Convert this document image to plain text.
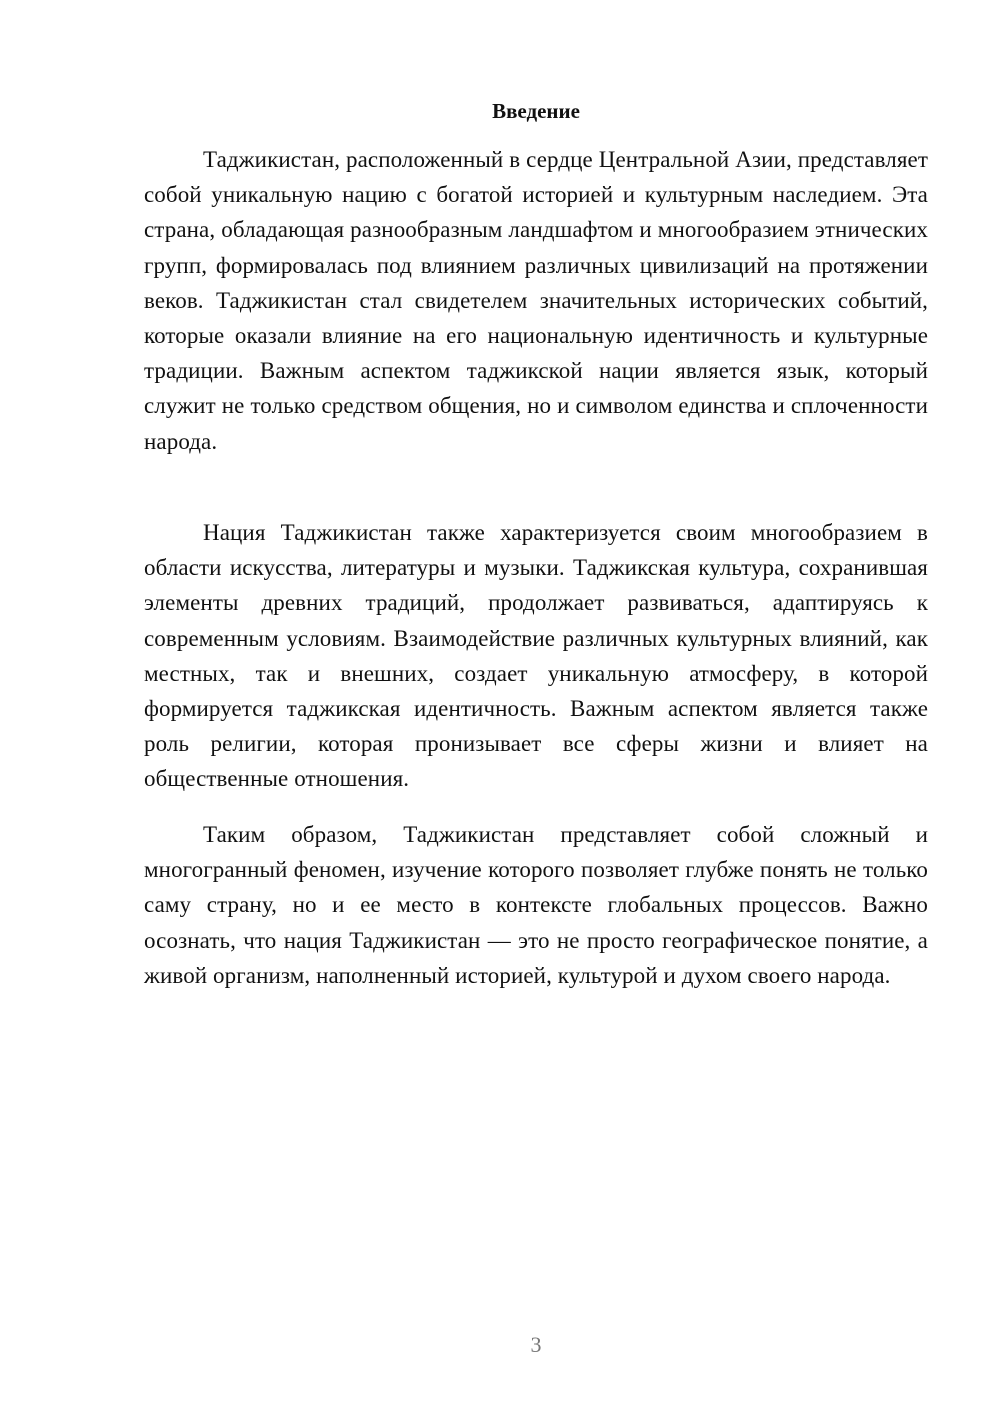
Введение

Таджикистан, расположенный в сердце Центральной Азии, представляет собой уникальную нацию с богатой историей и культурным наследием. Эта страна, обладающая разнообразным ландшафтом и многообразием этнических групп, формировалась под влиянием различных цивилизаций на протяжении веков. Таджикистан стал свидетелем значительных исторических событий, которые оказали влияние на его национальную идентичность и культурные традиции. Важным аспектом таджикской нации является язык, который служит не только средством общения, но и символом единства и сплоченности народа.

Нация Таджикистан также характеризуется своим многообразием в области искусства, литературы и музыки. Таджикская культура, сохранившая элементы древних традиций, продолжает развиваться, адаптируясь к современным условиям. Взаимодействие различных культурных влияний, как местных, так и внешних, создает уникальную атмосферу, в которой формируется таджикская идентичность. Важным аспектом является также роль религии, которая пронизывает все сферы жизни и влияет на общественные отношения.

Таким образом, Таджикистан представляет собой сложный и многогранный феномен, изучение которого позволяет глубже понять не только саму страну, но и ее место в контексте глобальных процессов. Важно осознать, что нация Таджикистан — это не просто географическое понятие, а живой организм, наполненный историей, культурой и духом своего народа.

3
